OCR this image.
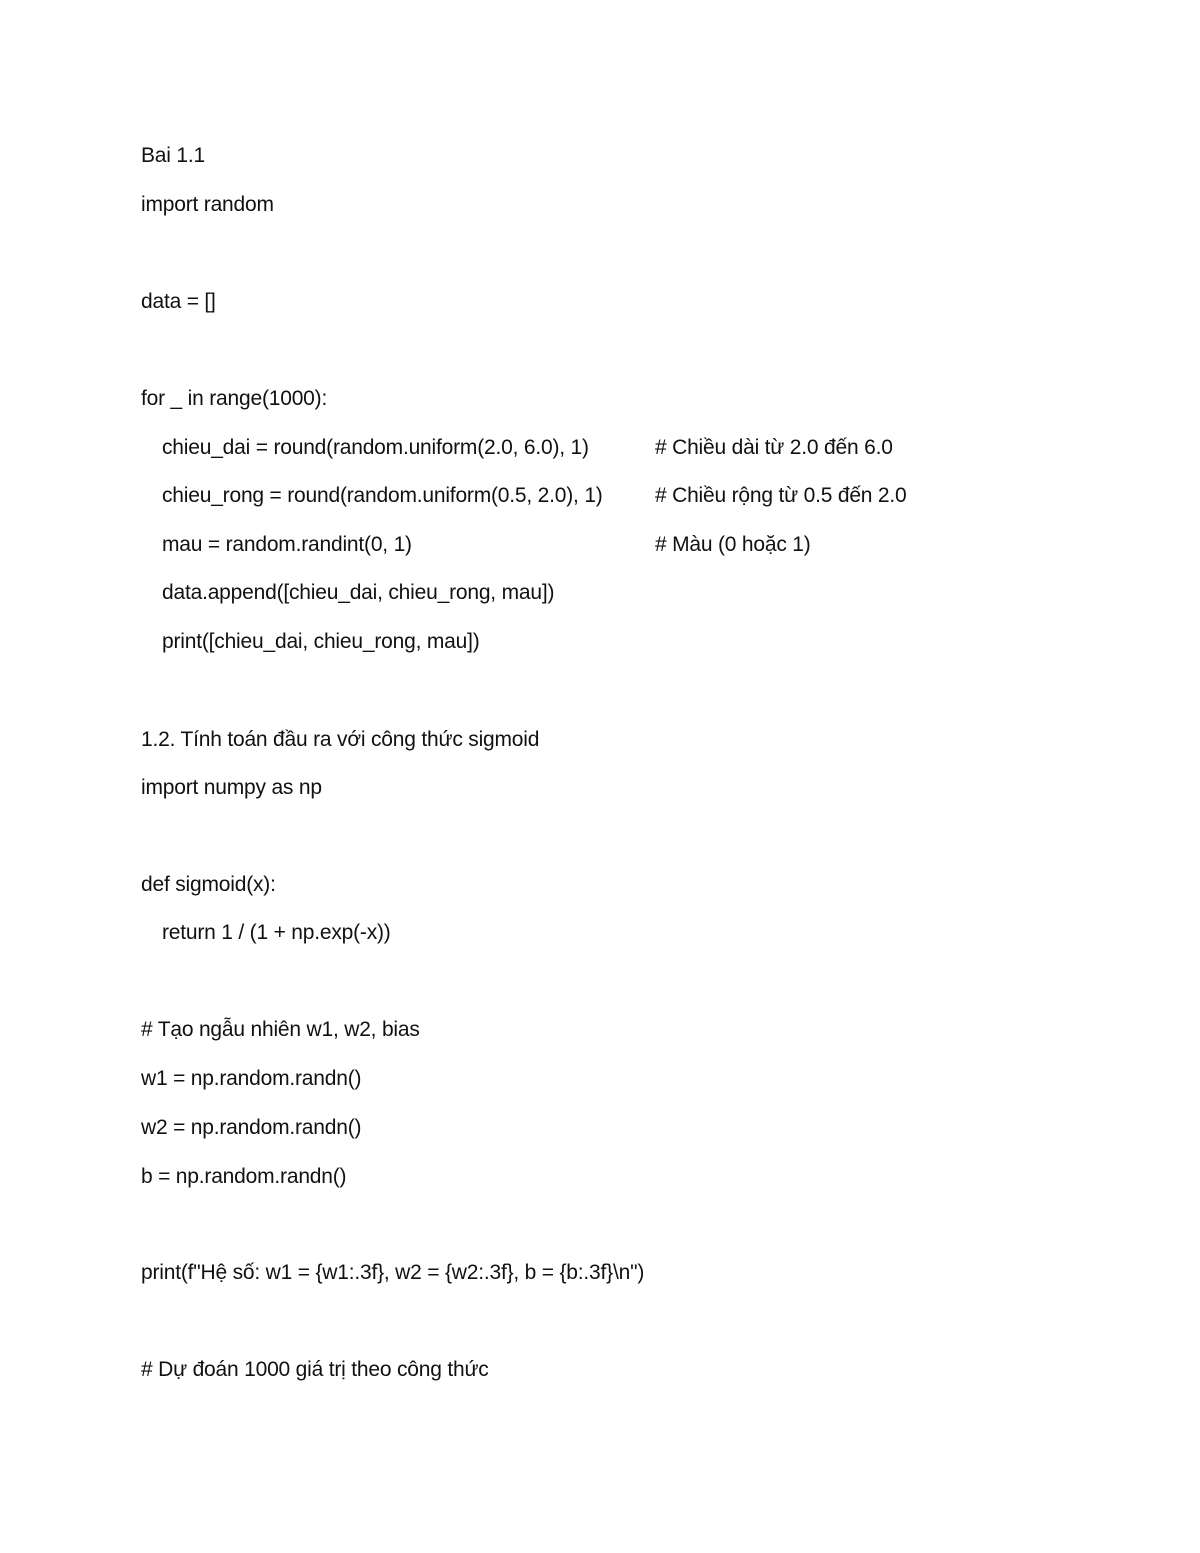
Bai 1.1
import random
data = []
for _ in range(1000):
chieu_dai = round(random.uniform(2.0, 6.0), 1)	# Chiều dài từ 2.0 đến 6.0
chieu_rong = round(random.uniform(0.5, 2.0), 1) # Chiều rộng từ 0.5 đến 2.0
mau = random.randint(0, 1)	# Màu (0 hoặc 1)
data.append([chieu_dai, chieu_rong, mau])
print([chieu_dai, chieu_rong, mau])
1.2. Tính toán đầu ra với công thức sigmoid
import numpy as np
def sigmoid(x):
return 1 / (1 + np.exp(-x))
# Tạo ngẫu nhiên w1, w2, bias
w1 = np.random.randn()
w2 = np.random.randn()
b = np.random.randn()
print(f"Hệ số: w1 = {w1:.3f}, w2 = {w2:.3f}, b = {b:.3f}\n")
# Dự đoán 1000 giá trị theo công thức
